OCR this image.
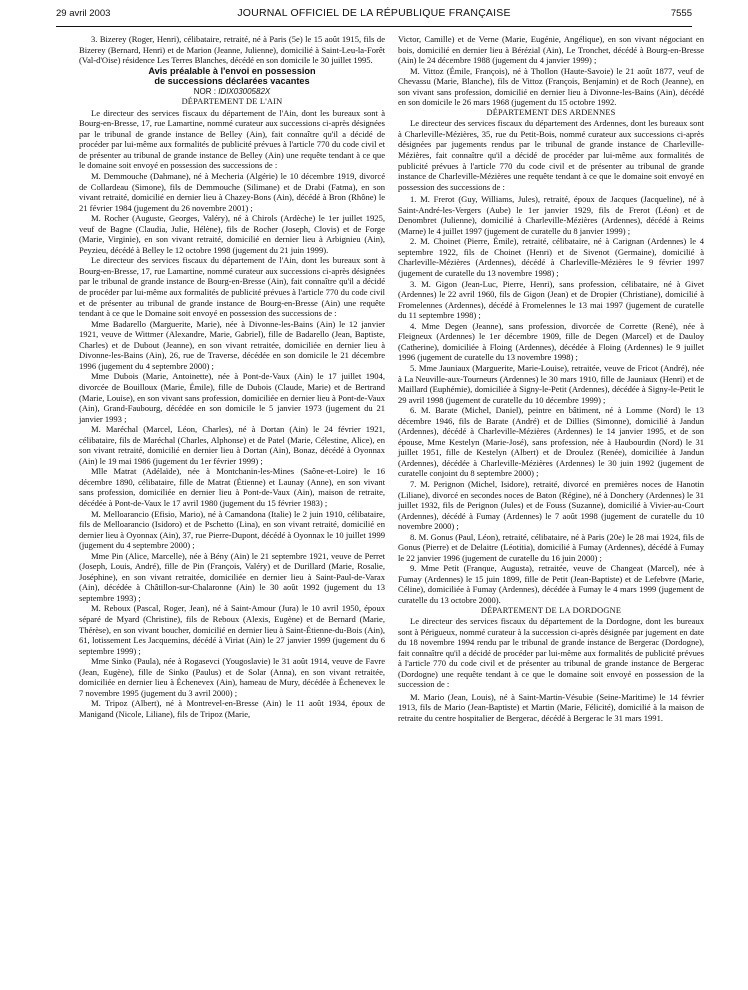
29 avril 2003	JOURNAL OFFICIEL DE LA RÉPUBLIQUE FRANÇAISE	7555

3. Bizerey (Roger, Henri), célibataire, retraité, né à Paris (5e) le 15 août 1915, fils de Bizerey (Bernard, Henri) et de Marion (Jeanne, Julienne), domicilié à Saint-Leu-la-Forêt (Val-d'Oise) résidence Les Terres Blanches, décédé en son domicile le 30 juillet 1995.

Avis préalable à l'envoi en possession

de successions déclarées vacantes

NOR : IDIX0300582X

DÉPARTEMENT DE L'AIN

Le directeur des services fiscaux du département de l'Ain, dont les bureaux sont à Bourg-en-Bresse, 17, rue Lamartine, nommé curateur aux successions ci-après désignées par le tribunal de grande instance de Belley (Ain), fait connaître qu'il a décidé de procéder par lui-même aux formalités de publicité prévues à l'article 770 du code civil et de présenter au tribunal de grande instance de Belley (Ain) une requête tendant à ce que le domaine soit envoyé en possession des successions de :

M. Demmouche (Dahmane), né à Mecheria (Algérie) le 10 décembre 1919, divorcé de Collardeau (Simone), fils de Demmouche (Silimane) et de Drabi (Fatma), en son vivant retraité, domicilié en dernier lieu à Chazey-Bons (Ain), décédé à Bron (Rhône) le 21 février 1984 (jugement du 26 novembre 2001) ;

M. Rocher (Auguste, Georges, Valéry), né à Chirols (Ardèche) le 1er juillet 1925, veuf de Bagne (Claudia, Julie, Hélène), fils de Rocher (Joseph, Clovis) et de Forge (Marie, Virginie), en son vivant retraité, domicilié en dernier lieu à Arbignieu (Ain), Peyzieu, décédé à Belley le 12 octobre 1998 (jugement du 21 juin 1999).

Le directeur des services fiscaux du département de l'Ain, dont les bureaux sont à Bourg-en-Bresse, 17, rue Lamartine, nommé curateur aux successions ci-après désignées par le tribunal de grande instance de Bourg-en-Bresse (Ain), fait connaître qu'il a décidé de procéder par lui-même aux formalités de publicité prévues à l'article 770 du code civil et de présenter au tribunal de grande instance de Bourg-en-Bresse (Ain) une requête tendant à ce que le Domaine soit envoyé en possession des successions de :

Mme Badarello (Marguerite, Marie), née à Divonne-les-Bains (Ain) le 12 janvier 1921, veuve de Wittmer (Alexandre, Marie, Gabriel), fille de Badarello (Jean, Baptiste, Charles) et de Dubout (Jeanne), en son vivant retraitée, domiciliée en dernier lieu à Divonne-les-Bains (Ain), 26, rue de Traverse, décédée en son domicile le 21 décembre 1996 (jugement du 4 septembre 2000) ;

Mme Dubois (Marie, Antoinette), née à Pont-de-Vaux (Ain) le 17 juillet 1904, divorcée de Bouilloux (Marie, Émile), fille de Dubois (Claude, Marie) et de Bertrand (Marie, Louise), en son vivant sans profession, domiciliée en dernier lieu à Pont-de-Vaux (Ain), Grand-Faubourg, décédée en son domicile le 5 janvier 1973 (jugement du 21 janvier 1993 ;

M. Maréchal (Marcel, Léon, Charles), né à Dortan (Ain) le 24 février 1921, célibataire, fils de Maréchal (Charles, Alphonse) et de Patel (Marie, Célestine, Alice), en son vivant retraité, domicilié en dernier lieu à Dortan (Ain), Bonaz, décédé à Oyonnax (Ain) le 19 mai 1986 (jugement du 1er février 1999) ;

Mlle Matrat (Adélaïde), née à Montchanin-les-Mines (Saône-et-Loire) le 16 décembre 1890, célibataire, fille de Matrat (Étienne) et Launay (Anne), en son vivant sans profession, domiciliée en dernier lieu à Pont-de-Vaux (Ain), maison de retraite, décédée à Pont-de-Vaux le 17 avril 1980 (jugement du 15 février 1983) ;

M. Melloarancio (Efisio, Mario), né à Camandona (Italie) le 2 juin 1910, célibataire, fils de Melloarancio (Isidoro) et de Pschetto (Lina), en son vivant retraité, domicilié en dernier lieu à Oyonnax (Ain), 37, rue Pierre-Dupont, décédé à Oyonnax le 10 juillet 1999 (jugement du 4 septembre 2000) ;

Mme Pin (Alice, Marcelle), née à Bény (Ain) le 21 septembre 1921, veuve de Perret (Joseph, Louis, André), fille de Pin (François, Valéry) et de Durillard (Marie, Rosalie, Joséphine), en son vivant retraitée, domiciliée en dernier lieu à Saint-Paul-de-Varax (Ain), décédée à Châtillon-sur-Chalaronne (Ain) le 30 août 1992 (jugement du 13 septembre 1993) ;

M. Reboux (Pascal, Roger, Jean), né à Saint-Amour (Jura) le 10 avril 1950, époux séparé de Myard (Christine), fils de Reboux (Alexis, Eugène) et de Bernard (Marie, Thérèse), en son vivant boucher, domicilié en dernier lieu à Saint-Étienne-du-Bois (Ain), 61, lotissement Les Jacquemins, décédé à Viriat (Ain) le 27 janvier 1999 (jugement du 6 septembre 1999) ;

Mme Sinko (Paula), née à Rogasevci (Yougoslavie) le 31 août 1914, veuve de Favre (Jean, Eugène), fille de Sinko (Paulus) et de Solar (Anna), en son vivant retraitée, domiciliée en dernier lieu à Échenevex (Ain), hameau de Mury, décédée à Échenevex le 7 novembre 1995 (jugement du 3 avril 2000) ;

M. Tripoz (Albert), né à Montrevel-en-Bresse (Ain) le 11 août 1934, époux de Manigand (Nicole, Liliane), fils de Tripoz (Marie,

Victor, Camille) et de Verne (Marie, Eugénie, Angélique), en son vivant négociant en bois, domicilié en dernier lieu à Bérézial (Ain), Le Tronchet, décédé à Bourg-en-Bresse (Ain) le 24 décembre 1988 (jugement du 4 janvier 1999) ;

M. Vittoz (Émile, François), né à Thollon (Haute-Savoie) le 21 août 1877, veuf de Chevassu (Marie, Blanche), fils de Vittoz (François, Benjamin) et de Roch (Jeanne), en son vivant sans profession, domicilié en dernier lieu à Divonne-les-Bains (Ain), décédé en son domicile le 26 mars 1968 (jugement du 15 octobre 1992.

DÉPARTEMENT DES ARDENNES

Le directeur des services fiscaux du département des Ardennes, dont les bureaux sont à Charleville-Mézières, 35, rue du Petit-Bois, nommé curateur aux successions ci-après désignées par jugements rendus par le tribunal de grande instance de Charleville-Mézières, fait connaître qu'il a décidé de procéder par lui-même aux formalités de publicité prévues à l'article 770 du code civil et de présenter au tribunal de grande instance de Charleville-Mézières une requête tendant à ce que le domaine soit envoyé en possession des successions de :

1. M. Frerot (Guy, Williams, Jules), retraité, époux de Jacques (Jacqueline), né à Saint-André-les-Vergers (Aube) le 1er janvier 1929, fils de Frerot (Léon) et de Denombret (Julienne), domicilié à Charleville-Mézières (Ardennes), décédé à Reims (Marne) le 4 juillet 1997 (jugement de curatelle du 8 janvier 1999) ;

2. M. Choinet (Pierre, Émile), retraité, célibataire, né à Carignan (Ardennes) le 4 septembre 1922, fils de Choinet (Henri) et de Sivenot (Germaine), domicilié à Charleville-Mézières (Ardennes), décédé à Charleville-Mézières le 9 février 1997 (jugement de curatelle du 13 novembre 1998) ;

3. M. Gigon (Jean-Luc, Pierre, Henri), sans profession, célibataire, né à Givet (Ardennes) le 22 avril 1960, fils de Gigon (Jean) et de Dropier (Christiane), domicilié à Fromelennes (Ardennes), décédé à Fromelennes le 13 mai 1997 (jugement de curatelle du 11 septembre 1998) ;

4. Mme Degen (Jeanne), sans profession, divorcée de Corrette (René), née à Fleigneux (Ardennes) le 1er décembre 1909, fille de Degen (Marcel) et de Dauloy (Catherine), domiciliée à Floing (Ardennes), décédée à Floing (Ardennes) le 9 juillet 1996 (jugement de curatelle du 13 novembre 1998) ;

5. Mme Jauniaux (Marguerite, Marie-Louise), retraitée, veuve de Fricot (André), née à La Neuville-aux-Tourneurs (Ardennes) le 30 mars 1910, fille de Jauniaux (Henri) et de Maillard (Euphémie), domiciliée à Signy-le-Petit (Ardennes), décédée à Signy-le-Petit le 29 avril 1998 (jugement de curatelle du 10 décembre 1999) ;

6. M. Barate (Michel, Daniel), peintre en bâtiment, né à Lomme (Nord) le 13 décembre 1946, fils de Barate (André) et de Dillies (Simonne), domicilié à Jandun (Ardennes), décédé à Charleville-Mézières (Ardennes) le 14 janvier 1995, et de son épouse, Mme Kestelyn (Marie-José), sans profession, née à Haubourdin (Nord) le 31 juillet 1951, fille de Kestelyn (Albert) et de Droulez (Renée), domiciliée à Jandun (Ardennes), décédée à Charleville-Mézières (Ardennes) le 30 juin 1992 (jugement de curatelle conjoint du 8 septembre 2000) ;

7. M. Perignon (Michel, Isidore), retraité, divorcé en premières noces de Hanotin (Liliane), divorcé en secondes noces de Baton (Régine), né à Donchery (Ardennes) le 31 juillet 1932, fils de Perignon (Jules) et de Fouss (Suzanne), domicilié à Vivier-au-Court (Ardennes), décédé à Fumay (Ardennes) le 7 août 1998 (jugement de curatelle du 10 novembre 2000) ;

8. M. Gonus (Paul, Léon), retraité, célibataire, né à Paris (20e) le 28 mai 1924, fils de Gonus (Pierre) et de Delaitre (Léotitia), domicilié à Fumay (Ardennes), décédé à Fumay le 22 janvier 1996 (jugement de curatelle du 16 juin 2000) ;

9. Mme Petit (Franque, Augusta), retraitée, veuve de Changeat (Marcel), née à Fumay (Ardennes) le 15 juin 1899, fille de Petit (Jean-Baptiste) et de Lefebvre (Marie, Céline), domiciliée à Fumay (Ardennes), décédée à Fumay le 4 mars 1999 (jugement de curatelle du 13 octobre 2000).

DÉPARTEMENT DE LA DORDOGNE

Le directeur des services fiscaux du département de la Dordogne, dont les bureaux sont à Périgueux, nommé curateur à la succession ci-après désignée par jugement en date du 18 novembre 1994 rendu par le tribunal de grande instance de Bergerac (Dordogne), fait connaître qu'il a décidé de procéder par lui-même aux formalités de publicité prévues à l'article 770 du code civil et de présenter au tribunal de grande instance de Bergerac (Dordogne) une requête tendant à ce que le domaine soit envoyé en possession de la succession de :

M. Mario (Jean, Louis), né à Saint-Martin-Vésubie (Seine-Maritime) le 14 février 1913, fils de Mario (Jean-Baptiste) et Martin (Marie, Félicité), domicilié à la maison de retraite du centre hospitalier de Bergerac, décédé à Bergerac le 31 mars 1991.
